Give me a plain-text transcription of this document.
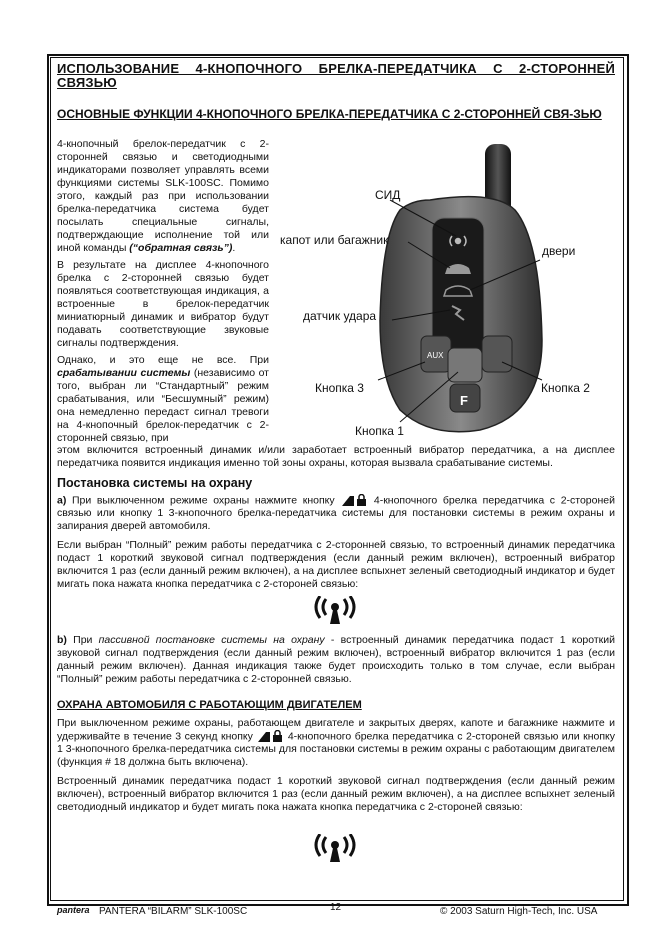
ИСПОЛЬЗОВАНИЕ 4-КНОПОЧНОГО БРЕЛКА-ПЕРЕДАТЧИКА С 2-СТОРОННЕЙ СВЯЗЬЮ
ОСНОВНЫЕ ФУНКЦИИ 4-КНОПОЧНОГО БРЕЛКА-ПЕРЕДАТЧИКА С 2-СТОРОННЕЙ СВЯ-ЗЬЮ

4-кнопочный брелок-передатчик с 2-сторонней связью и светодиодными индикаторами позволяет управлять всеми функциями системы SLK-100SC. Помимо этого, каждый раз при использовании брелка-передатчика система будет посылать специальные сигналы, подтверждающие исполнение той или иной команды (“обратная связь”).

В результате на дисплее 4-кнопочного брелка с 2-сторонней связью будет появляться соответствующая индикация, а встроенные в брелок-передатчик миниатюрный динамик и вибратор будут подавать соответствующие звуковые сигналы подтверждения.

Однако, и это еще не все. При срабатывании системы (независимо от того, выбран ли “Стандартный” режим срабатывания, или “Бесшумный” режим) она немедленно передаст сигнал тревоги на 4-кнопочный брелок-передатчик с 2-сторонней связью, при

AUX
F
СИД
капот или багажник
двери
датчик удара
Кнопка 3	Кнопка 2
Кнопка 1
этом включится встроенный динамик и/или заработает встроенный вибратор передатчика, а на дисплее передатчика появится индикация именно той зоны охраны, которая вызвала срабатывание системы.
Постановка системы на охрану

а) При выключенном режиме охраны нажмите кнопку	4-кнопочного брелка передатчика с 2-стороней связью или кнопку 1 3-кнопочного брелка-передатчика системы для постановки системы в режим охраны и запирания дверей автомобиля.

Если выбран “Полный” режим работы передатчика с 2-сторонней связью, то встроенный динамик передатчика подаст 1 короткий звуковой сигнал подтверждения (если данный режим включен), встроенный вибратор включится 1 раз (если данный режим включен), а на дисплее вспыхнет зеленый светодиодный индикатор и будет мигать пока нажата кнопка передатчика с 2-стороней связью:

b) При пассивной постановке системы на охрану - встроенный динамик передатчика подаст 1 короткий звуковой сигнал подтверждения (если данный режим включен), встроенный вибратор включится 1 раз (если данный режим включен). Данная индикация также будет происходить только в том случае, если выбран “Полный” режим работы передатчика с 2-сторонней связью.

ОХРАНА АВТОМОБИЛЯ С РАБОТАЮЩИМ ДВИГАТЕЛЕМ

При выключенном режиме охраны, работающем двигателе и закрытых дверях, капоте и багажнике нажмите и удерживайте в течение 3 секунд кнопку	4-кнопочного брелка передатчика с 2-стороней связью или кнопку 1 3-кнопочного брелка-передатчика системы для постановки системы в режим охраны с работающим двигателем (функция # 18 должна быть включена).

Встроенный динамик передатчика подаст 1 короткий звуковой сигнал подтверждения (если данный режим включен), встроенный вибратор включится 1 раз (если данный режим включен), а на дисплее вспыхнет зеленый светодиодный индикатор и будет мигать пока нажата кнопка передатчика с 2-стороней связью:

pantera PANTERA “BILARM” SLK-100SC	12	© 2003 Saturn High-Tech, Inc. USA
